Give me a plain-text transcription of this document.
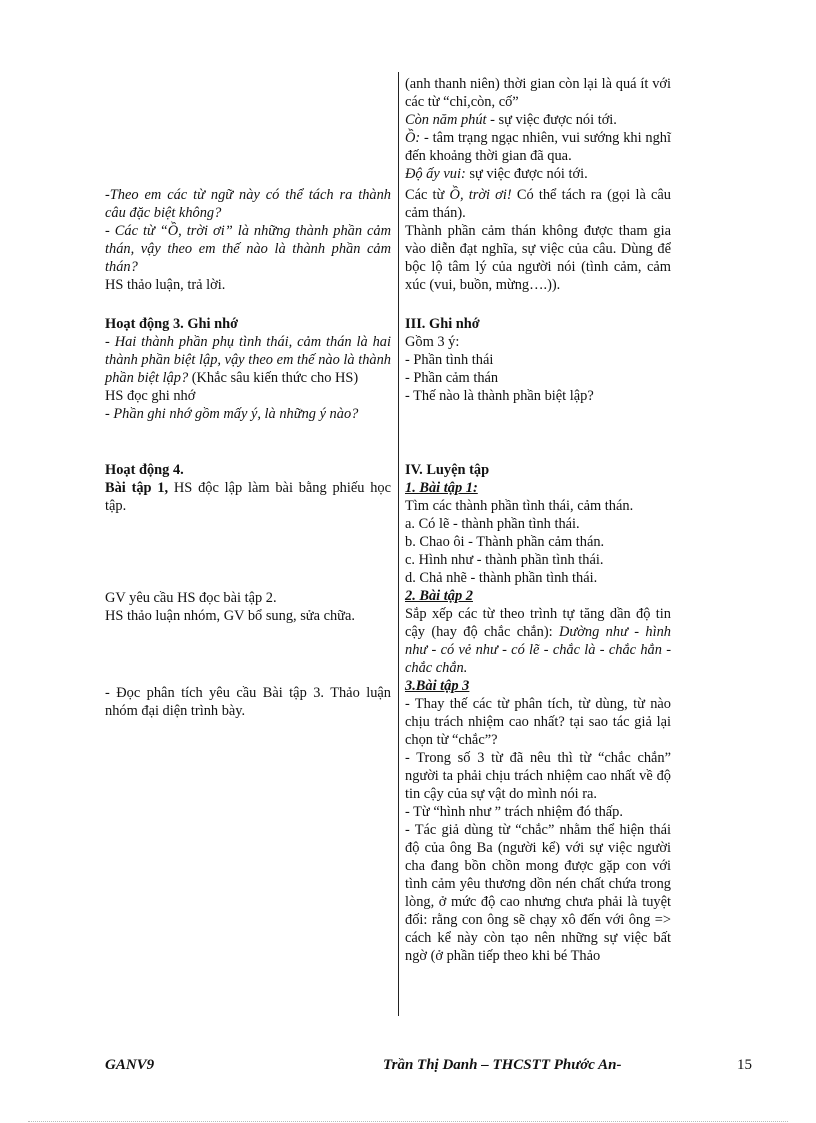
(anh thanh niên) thời gian còn lại là quá ít với các từ “chỉ,còn, cố”

Còn năm phút - sự việc được nói tới.

Ồ: - tâm trạng ngạc nhiên, vui sướng khi nghĩ đến khoảng thời gian đã qua.

Độ ấy vui: sự việc được nói tới.

-Theo em các từ ngữ này có thể tách ra thành câu đặc biệt không?

- Các từ “Ồ, trời ơi” là những thành phần cảm thán, vậy theo em thế nào là thành phần cảm thán?

HS thảo luận, trả lời.

Các từ Ồ, trời ơi! Có thể tách ra (gọi là câu cảm thán).

Thành phần cảm thán không được tham gia vào diễn đạt nghĩa, sự việc của câu. Dùng để bộc lộ tâm lý của người nói (tình cảm, cảm xúc (vui, buồn, mừng….)).

Hoạt động 3. Ghi nhớ

- Hai thành phần phụ tình thái, cảm thán là hai thành phần biệt lập, vậy theo em thế nào là thành phần biệt lập? (Khắc sâu kiến thức cho HS)

HS đọc ghi nhớ

- Phần ghi nhớ gồm mấy ý, là những ý nào?

III. Ghi nhớ

Gồm 3 ý:

- Phần tình thái

- Phần cảm thán

- Thế nào là thành phần biệt lập?

Hoạt động 4.

Bài tập 1, HS độc lập làm bài bằng phiếu học tập.

GV yêu cầu HS đọc bài tập 2.

HS thảo luận nhóm, GV bổ sung, sửa chữa.

- Đọc phân tích yêu cầu Bài tập 3. Thảo luận nhóm đại diện trình bày.

IV. Luyện tập

1. Bài tập 1:

Tìm các thành phần tình thái, cảm thán.

a. Có lẽ - thành phần tình thái.

b. Chao ôi - Thành phần cảm thán.

c. Hình như - thành phần tình thái.

d. Chả nhẽ - thành phần tình thái.

2. Bài tập 2

Sắp xếp các từ theo trình tự tăng dần độ tin cậy (hay độ chắc chắn): Dường như - hình như - có vẻ như - có lẽ - chắc là - chắc hẳn - chắc chắn.

3.Bài tập 3

- Thay thế các từ phân tích, từ dùng, từ nào chịu trách nhiệm cao nhất? tại sao tác giả lại chọn từ “chắc”?

- Trong số 3 từ đã nêu thì từ “chắc chắn” người ta phải chịu trách nhiệm cao nhất về độ tin cậy của sự vật do mình nói ra.

- Từ “hình như ” trách nhiệm đó thấp.

- Tác giả dùng từ “chắc” nhằm thể hiện thái độ của ông Ba (người kể) với sự việc người cha đang bồn chồn mong được gặp con với tình cảm yêu thương dồn nén chất chứa trong lòng, ở mức độ cao nhưng chưa phải là tuyệt đối: rằng con ông sẽ chạy xô đến với ông => cách kể này còn tạo nên những sự việc bất ngờ (ở phần tiếp theo khi bé Thảo

GANV9	Trần Thị Danh – THCSTT Phước An-	15
